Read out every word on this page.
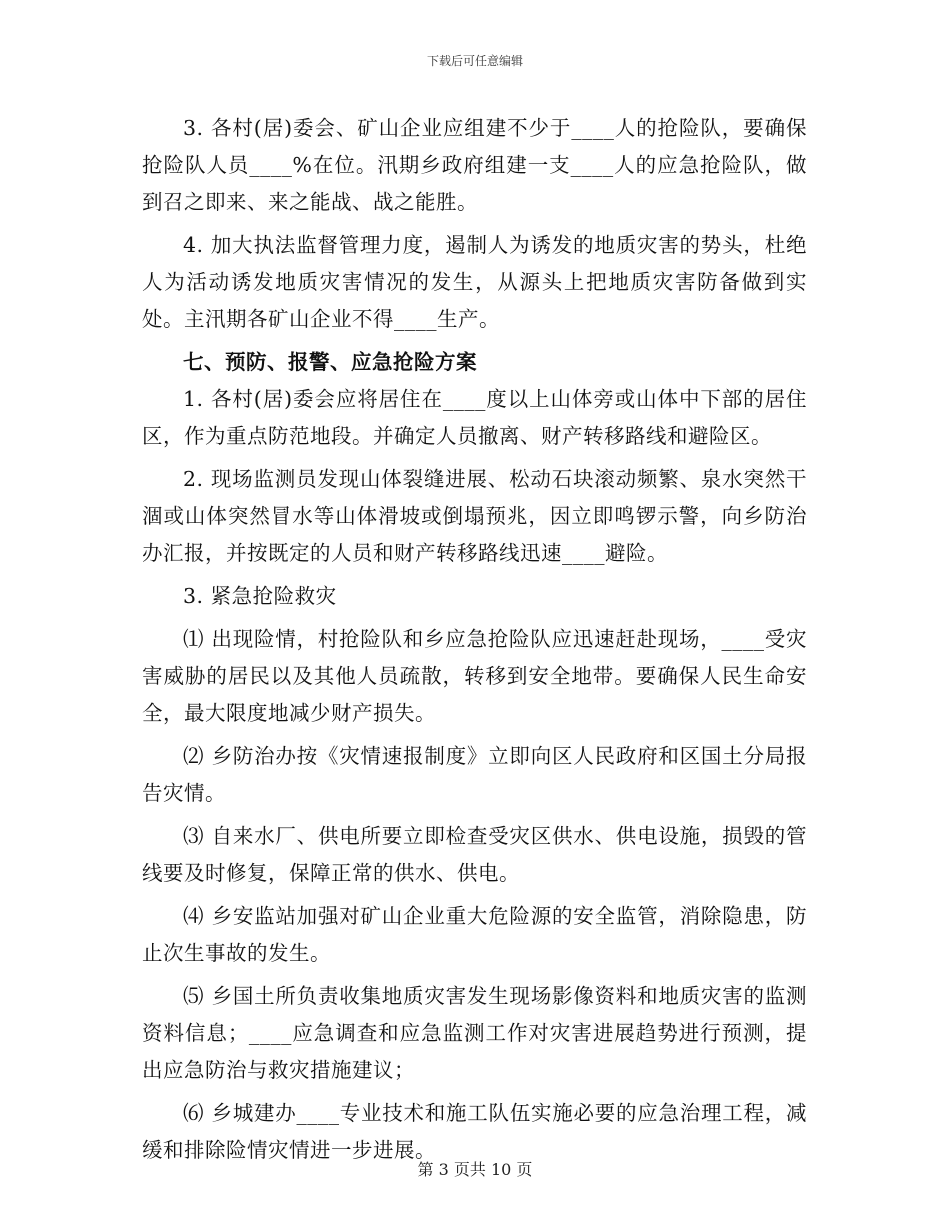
下载后可任意编辑

3. 各村(居)委会、矿山企业应组建不少于____人的抢险队，要确保抢险队人员____%在位。汛期乡政府组建一支____人的应急抢险队，做到召之即来、来之能战、战之能胜。

4. 加大执法监督管理力度，遏制人为诱发的地质灾害的势头，杜绝人为活动诱发地质灾害情况的发生，从源头上把地质灾害防备做到实处。主汛期各矿山企业不得____生产。

七、预防、报警、应急抢险方案

1. 各村(居)委会应将居住在____度以上山体旁或山体中下部的居住区，作为重点防范地段。并确定人员撤离、财产转移路线和避险区。

2. 现场监测员发现山体裂缝进展、松动石块滚动频繁、泉水突然干涸或山体突然冒水等山体滑坡或倒塌预兆，因立即鸣锣示警，向乡防治办汇报，并按既定的人员和财产转移路线迅速____避险。

3. 紧急抢险救灾

⑴ 出现险情，村抢险队和乡应急抢险队应迅速赶赴现场，____受灾害威胁的居民以及其他人员疏散，转移到安全地带。要确保人民生命安全，最大限度地减少财产损失。

⑵ 乡防治办按《灾情速报制度》立即向区人民政府和区国土分局报告灾情。

⑶ 自来水厂、供电所要立即检查受灾区供水、供电设施，损毁的管线要及时修复，保障正常的供水、供电。

⑷ 乡安监站加强对矿山企业重大危险源的安全监管，消除隐患，防止次生事故的发生。

⑸ 乡国土所负责收集地质灾害发生现场影像资料和地质灾害的监测资料信息；____应急调查和应急监测工作对灾害进展趋势进行预测，提出应急防治与救灾措施建议；

⑹ 乡城建办____专业技术和施工队伍实施必要的应急治理工程，减缓和排除险情灾情进一步进展。

第 3 页共 10 页
